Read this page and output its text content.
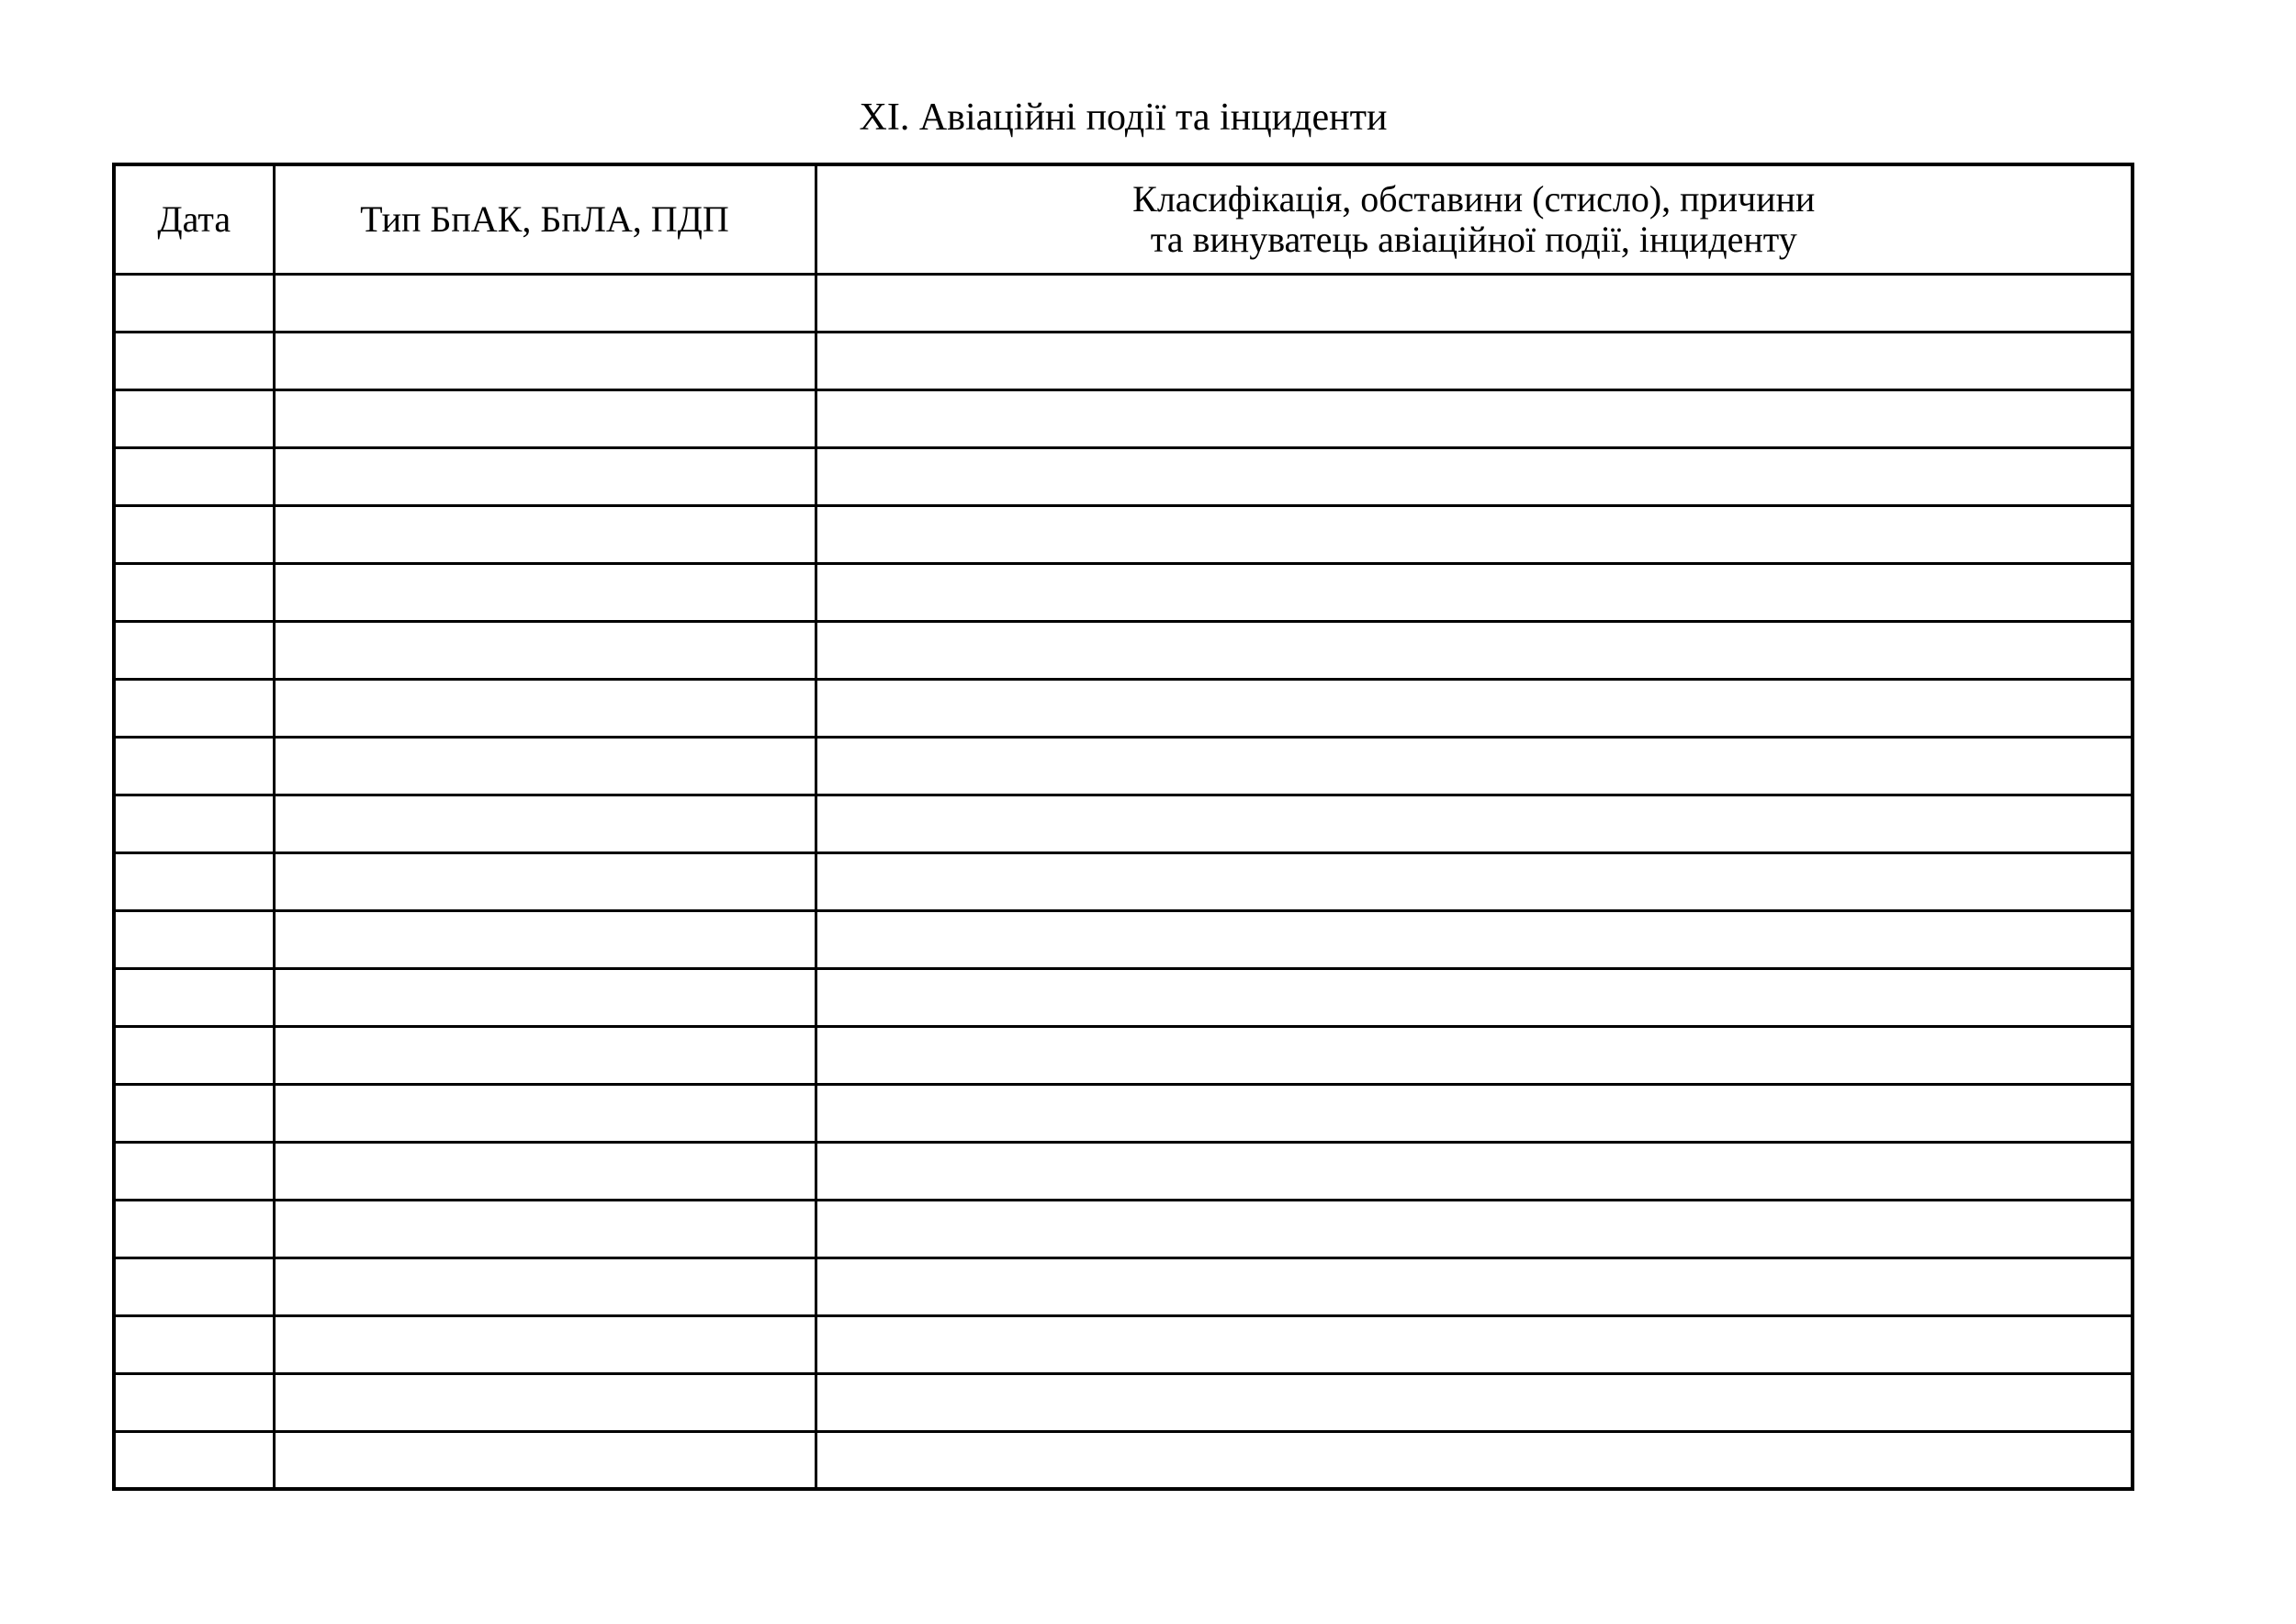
XI. Авіаційні події та інциденти
Дата	Тип БпАК, БпЛА, ПДП	Класифікація, обставини (стисло), причини
та винуватець авіаційної події, інциденту
